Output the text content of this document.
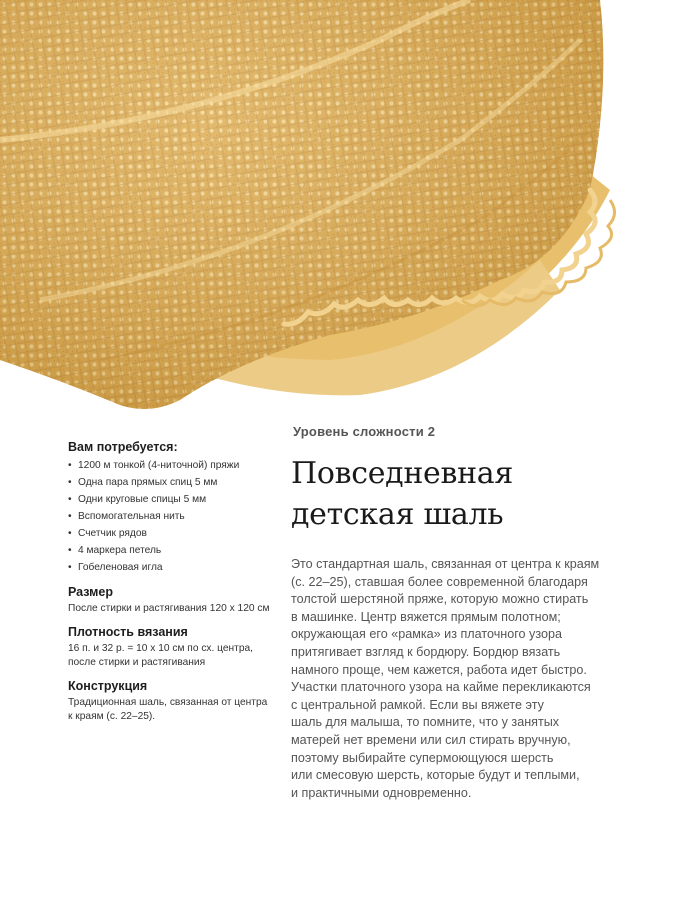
Вам потребуется:
• 1200 м тонкой (4-ниточной) пряжи
• Одна пара прямых спиц 5 мм
• Одни круговые спицы 5 мм
• Вспомогательная нить
• Счетчик рядов
• 4 маркера петель
• Гобеленовая игла
Размер

После стирки и растягивания 120 х 120 см

Плотность вязания

16 п. и 32 р. = 10 х 10 см по сх. центра,

после стирки и растягивания

Конструкция

Традиционная шаль, связанная от центра

к краям (с. 22–25).

Уровень сложности 2
Повседневная
детская шаль

Это стандартная шаль, связанная от центра к краям
(с. 22–25), ставшая более современной благодаря
толстой шерстяной пряже, которую можно стирать
в машинке. Центр вяжется прямым полотном;
окружающая его «рамка» из платочного узора
притягивает взгляд к бордюру. Бордюр вязать
намного проще, чем кажется, работа идет быстро.
Участки платочного узора на кайме перекликаются
с центральной рамкой. Если вы вяжете эту
шаль для малыша, то помните, что у занятых
матерей нет времени или сил стирать вручную,
поэтому выбирайте супермоющуюся шерсть
или смесовую шерсть, которые будут и теплыми,
и практичными одновременно.
